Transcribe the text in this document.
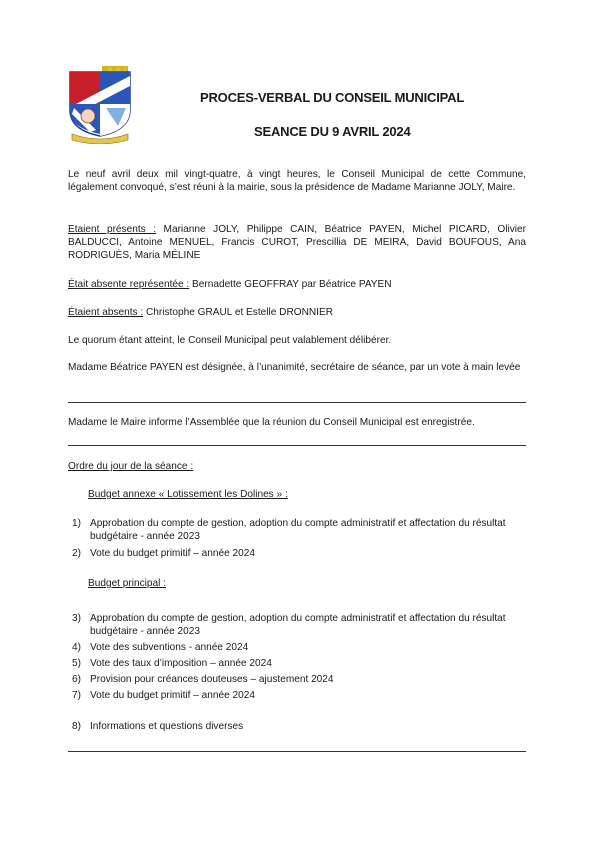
PROCES-VERBAL DU CONSEIL MUNICIPAL
SEANCE DU 9 AVRIL 2024
Le neuf avril deux mil vingt-quatre, à vingt heures, le Conseil Municipal de cette Commune, légalement convoqué, s’est réuni à la mairie, sous la présidence de Madame Marianne JOLY, Maire.
Etaient présents : Marianne JOLY, Philippe CAIN, Béatrice PAYEN, Michel PICARD, Olivier BALDUCCI, Antoine MENUEL, Francis CUROT, Prescillia DE MEIRA, David BOUFOUS, Ana RODRIGUÈS, Maria MÉLINE
Était absente représentée : Bernadette GEOFFRAY par Béatrice PAYEN
Étaient absents : Christophe GRAUL et Estelle DRONNIER
Le quorum étant atteint, le Conseil Municipal peut valablement délibérer.
Madame Béatrice PAYEN est désignée, à l’unanimité, secrétaire de séance, par un vote à main levée
Madame le Maire informe l’Assemblée que la réunion du Conseil Municipal est enregistrée.
Ordre du jour de la séance :
Budget annexe « Lotissement les Dolines » :
1) Approbation du compte de gestion, adoption du compte administratif et affectation du résultat budgétaire - année 2023
2) Vote du budget primitif – année 2024
Budget principal :
3) Approbation du compte de gestion, adoption du compte administratif et affectation du résultat budgétaire - année 2023
4) Vote des subventions - année 2024
5) Vote des taux d’imposition – année 2024
6) Provision pour créances douteuses – ajustement 2024
7) Vote du budget primitif – année 2024
8) Informations et questions diverses
